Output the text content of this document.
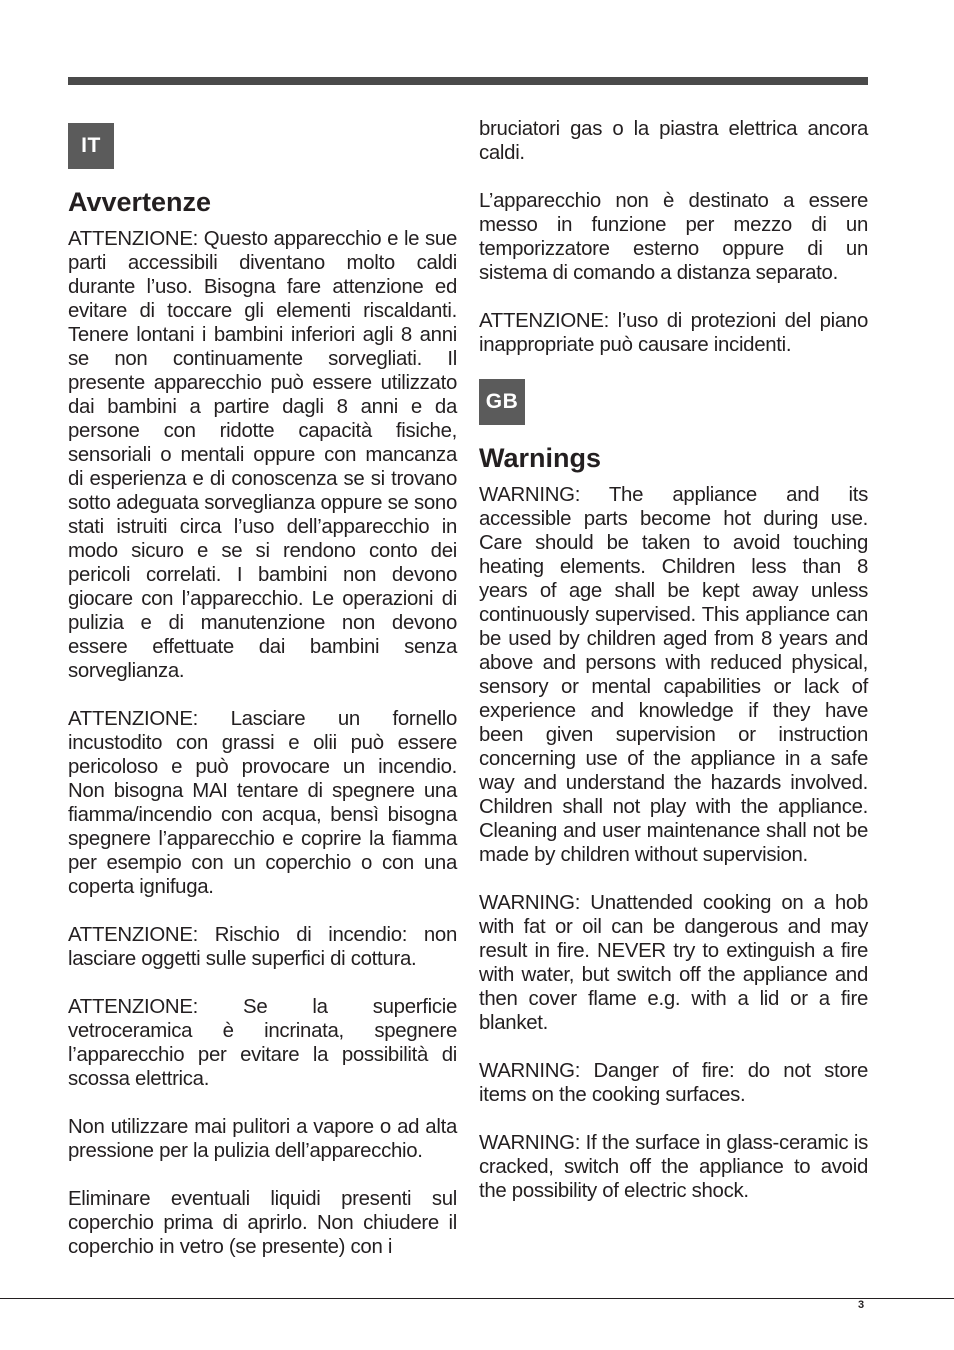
IT
Avvertenze

ATTENZIONE: Questo apparecchio e le sue parti accessibili diventano molto caldi durante l’uso. Bisogna fare attenzione ed evitare di toccare gli elementi riscaldanti. Tenere lontani i bambini inferiori agli 8 anni se non continuamente sorvegliati. Il presente apparecchio può essere utilizzato dai bambini a partire dagli 8 anni e da persone con ridotte capacità fisiche, sensoriali o mentali oppure con mancanza di esperienza e di conoscenza se si trovano sotto adeguata sorveglianza oppure se sono stati istruiti circa l’uso dell’apparecchio in modo sicuro e se si rendono conto dei pericoli correlati. I bambini non devono giocare con l’apparecchio. Le operazioni di pulizia e di manutenzione non devono essere effettuate dai bambini senza sorveglianza.

ATTENZIONE: Lasciare un fornello incustodito con grassi e olii può essere pericoloso e può provocare un incendio. Non bisogna MAI tentare di spegnere una fiamma/incendio con acqua, bensì bisogna spegnere l’apparecchio e coprire la fiamma per esempio con un coperchio o con una coperta ignifuga.

ATTENZIONE: Rischio di incendio: non lasciare oggetti sulle superfici di cottura.

ATTENZIONE: Se la superficie vetroceramica è incrinata, spegnere l’apparecchio per evitare la possibilità di scossa elettrica.

Non utilizzare mai pulitori a vapore o ad alta pressione per la pulizia dell’apparecchio.

Eliminare eventuali liquidi presenti sul coperchio prima di aprirlo. Non chiudere il coperchio in vetro (se presente) con i

bruciatori gas o la piastra elettrica ancora caldi.

L’apparecchio non è destinato a essere messo in funzione per mezzo di un temporizzatore esterno oppure di un sistema di comando a distanza separato.

ATTENZIONE: l’uso di protezioni del piano inappropriate può causare incidenti.

GB
Warnings

WARNING: The appliance and its accessible parts become hot during use. Care should be taken to avoid touching heating elements. Children less than 8 years of age shall be kept away unless continuously supervised. This appliance can be used by children aged from 8 years and above and persons with reduced physical, sensory or mental capabilities or lack of experience and knowledge if they have been given supervision or instruction concerning use of the appliance in a safe way and understand the hazards involved. Children shall not play with the appliance. Cleaning and user maintenance shall not be made by children without supervision.

WARNING: Unattended cooking on a hob with fat or oil can be dangerous and may result in fire. NEVER try to extinguish a fire with water, but switch off the appliance and then cover flame e.g. with a lid or a fire blanket.

WARNING: Danger of fire: do not store items on the cooking surfaces.

WARNING: If the surface in glass-ceramic is cracked, switch off the appliance to avoid the possibility of electric shock.

3
